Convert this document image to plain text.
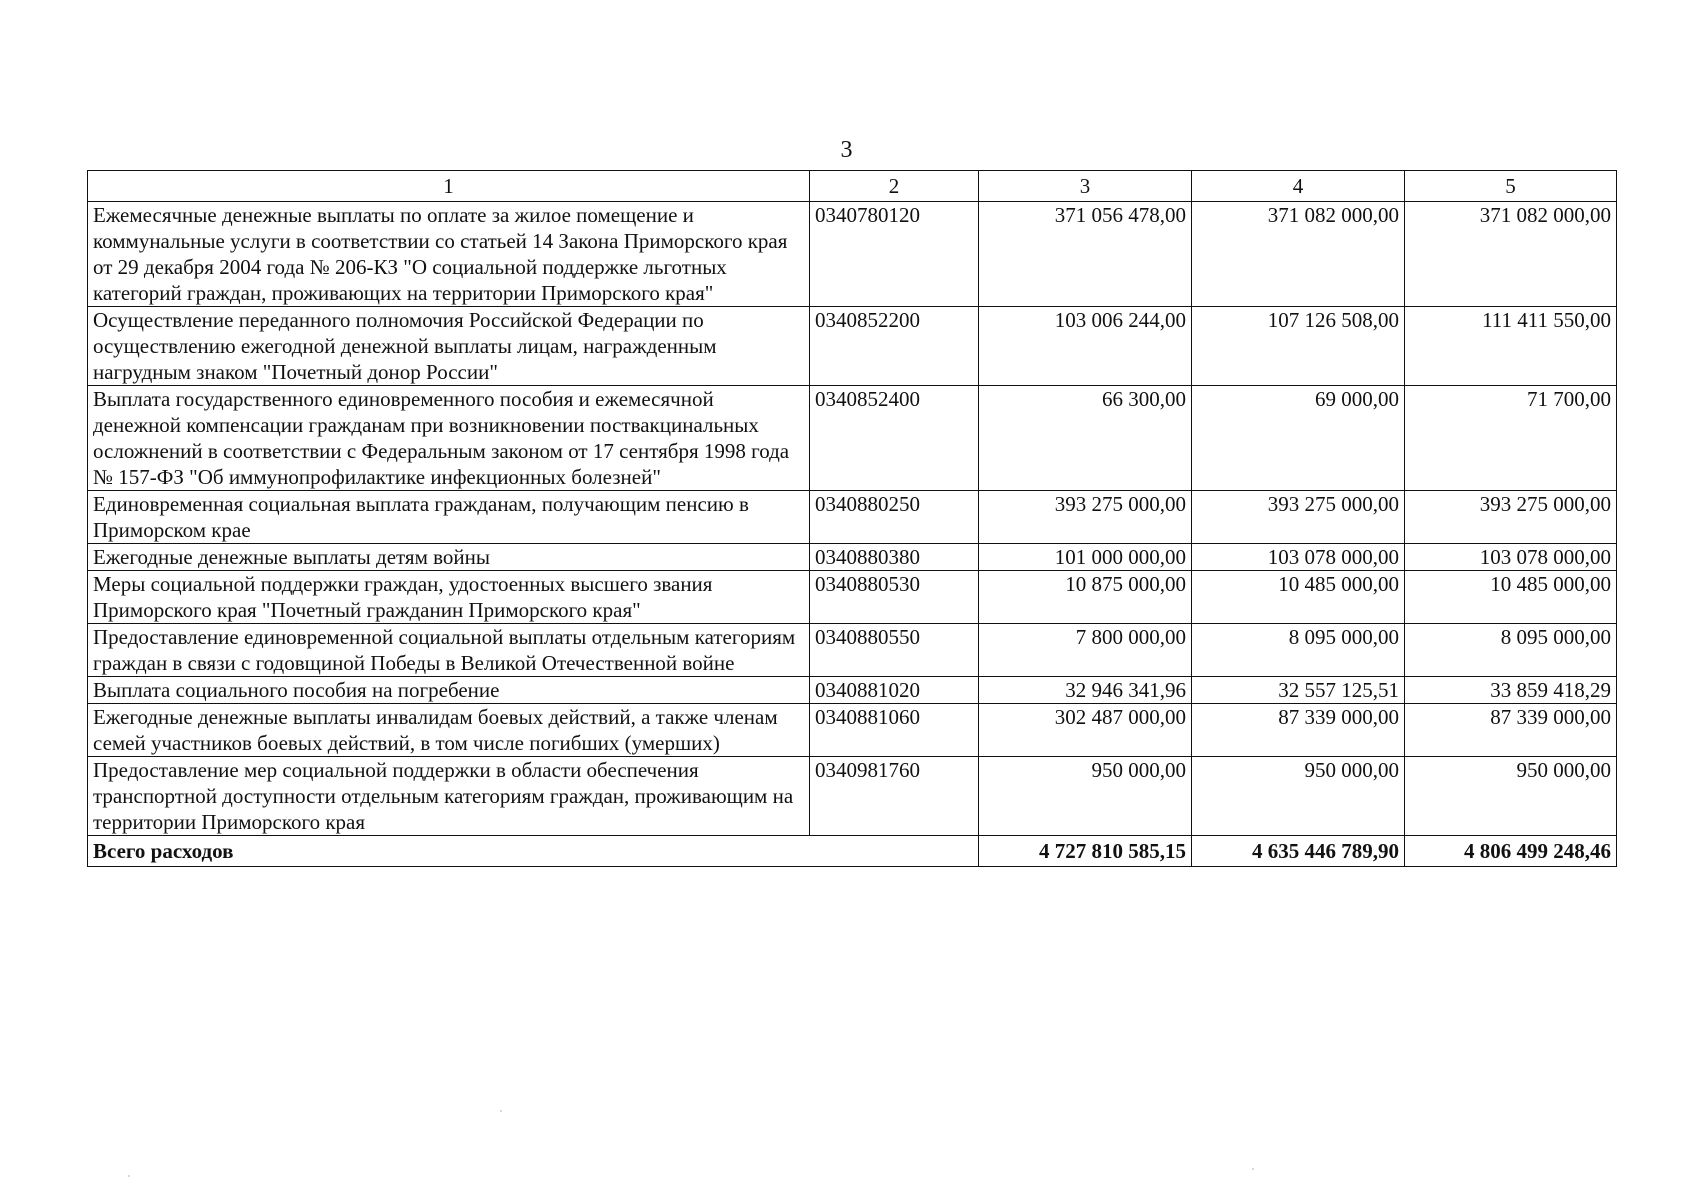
3
1	2	3	4	5
Ежемесячные денежные выплаты по оплате за жилое помещение и коммунальные услуги в соответствии со статьей 14 Закона Приморского края от 29 декабря 2004 года № 206-КЗ "О социальной поддержке льготных категорий граждан, проживающих на территории Приморского края"	0340780120	371 056 478,00	371 082 000,00	371 082 000,00
Осуществление переданного полномочия Российской Федерации по осуществлению ежегодной денежной выплаты лицам, награжденным нагрудным знаком "Почетный донор России"	0340852200	103 006 244,00	107 126 508,00	111 411 550,00
Выплата государственного единовременного пособия и ежемесячной денежной компенсации гражданам при возникновении поствакцинальных осложнений в соответствии с Федеральным законом от 17 сентября 1998 года № 157-ФЗ "Об иммунопрофилактике инфекционных болезней"	0340852400	66 300,00	69 000,00	71 700,00
Единовременная социальная выплата гражданам, получающим пенсию в Приморском крае	0340880250	393 275 000,00	393 275 000,00	393 275 000,00
Ежегодные денежные выплаты детям войны	0340880380	101 000 000,00	103 078 000,00	103 078 000,00
Меры социальной поддержки граждан, удостоенных высшего звания Приморского края "Почетный гражданин Приморского края"	0340880530	10 875 000,00	10 485 000,00	10 485 000,00
Предоставление единовременной социальной выплаты отдельным категориям граждан в связи с годовщиной Победы в Великой Отечественной войне	0340880550	7 800 000,00	8 095 000,00	8 095 000,00
Выплата социального пособия на погребение	0340881020	32 946 341,96	32 557 125,51	33 859 418,29
Ежегодные денежные выплаты инвалидам боевых действий, а также членам семей участников боевых действий, в том числе погибших (умерших)	0340881060	302 487 000,00	87 339 000,00	87 339 000,00
Предоставление мер социальной поддержки в области обеспечения транспортной доступности отдельным категориям граждан, проживающим на территории Приморского края	0340981760	950 000,00	950 000,00	950 000,00
Всего расходов		4 727 810 585,15	4 635 446 789,90	4 806 499 248,46
